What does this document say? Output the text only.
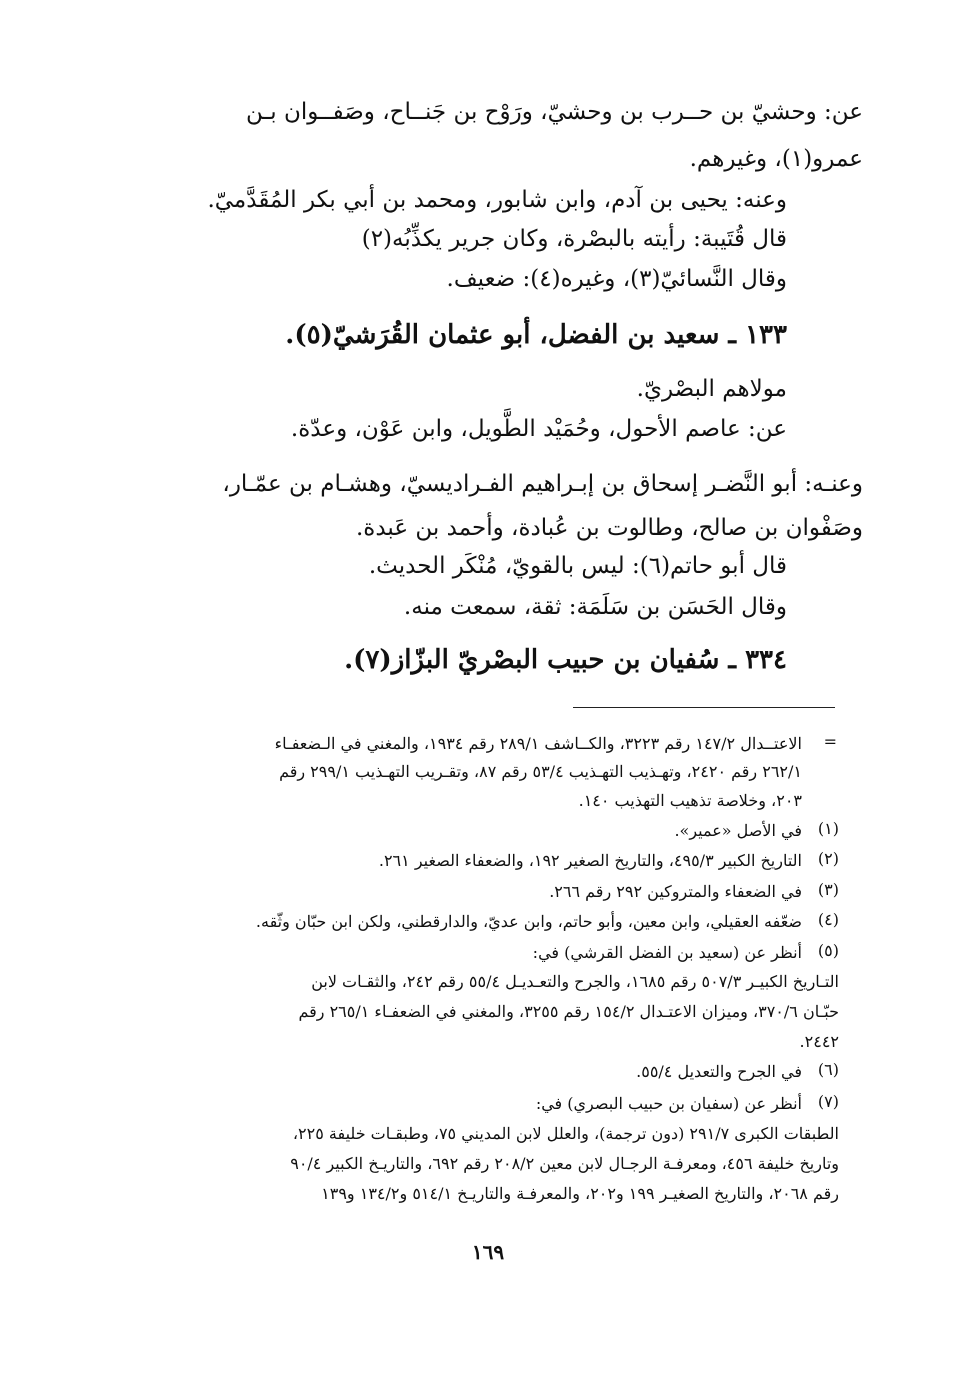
عن: وحشيّ بن حــرب بن وحشيّ، ورَوْح بن جَنــاح، وصَفــوان بـن
عمرو(١)، وغيرهم.
وعنه: يحيى بن آدم، وابن شابور، ومحمد بن أبي بكر المُقَدَّميّ.
قال قُتَيبة: رأيته بالبصْرة، وكان جرير يكذِّبُه(٢)
وقال النَّسائيّ(٣)، وغيره(٤): ضعيف.
١٣٣ ـ سعيد بن الفضل، أبو عثمان القُرَشيّ(٥).
مولاهم البصْريّ.
عن: عاصم الأحول، وحُمَيْد الطَّويل، وابن عَوْن، وعدّة.
وعنـه: أبو النَّضـر إسحاق بن إبـراهيم الفـراديسيّ، وهشـام بن عمّـار،
وصَفْوان بن صالح، وطالوت بن عُبادة، وأحمد بن عَبدة.
قال أبو حاتم(٦): ليس بالقويّ، مُنْكَر الحديث.
وقال الحَسَن بن سَلَمَة: ثقة، سمعت منه.
٣٣٤ ـ سُفيان بن حبيب البصْريّ البزّاز(٧).
=
(١)
(٢)
(٣)
(٤)
(٥)
(٦)
(٧)
الاعتــدال ١٤٧/٢ رقم ٣٢٢٣، والكــاشف ٢٨٩/١ رقم ١٩٣٤، والمغني في الـضعفـاء
٢٦٢/١ رقم ٢٤٢٠، وتهـذيب التهـذيب ٥٣/٤ رقم ٨٧، وتقـريب التهـذيب ٢٩٩/١ رقم
٢٠٣، وخلاصة تذهيب التهذيب ١٤٠.
في الأصل «عمير».
التاريخ الكبير ٤٩٥/٣، والتاريخ الصغير ١٩٢، والضعفاء الصغير ٢٦١.
في الضعفاء والمتروكين ٢٩٢ رقم ٢٦٦.
ضعّفه العقيلي، وابن معين، وأبو حاتم، وابن عديّ، والدارقطني، ولكن ابن حبّان وثّقه.
أنظر عن (سعيد بن الفضل القرشي) في:
التـاريخ الكبيـر ٥٠٧/٣ رقم ١٦٨٥، والجرح والتعـديـل ٥٥/٤ رقم ٢٤٢، والثقـات لابن
حبّـان ٣٧٠/٦، وميزان الاعتـدال ١٥٤/٢ رقم ٣٢٥٥، والمغني في الضعفـاء ٢٦٥/١ رقم
٢٤٤٢.
في الجرح والتعديل ٥٥/٤.
أنظر عن (سفيان بن حبيب البصري) في:
الطبقات الكبرى ٢٩١/٧ (دون ترجمة)، والعلل لابن المديني ٧٥، وطبقـات خليفة ٢٢٥،
وتاريخ خليفة ٤٥٦، ومعرفـة الرجـال لابن معين ٢٠٨/٢ رقم ٦٩٢، والتاريـخ الكبير ٩٠/٤
رقم ٢٠٦٨، والتاريخ الصغيـر ١٩٩ و٢٠٢، والمعرفـة والتاريـخ ٥١٤/١ و١٣٤/٢ و١٣٩
١٦٩
